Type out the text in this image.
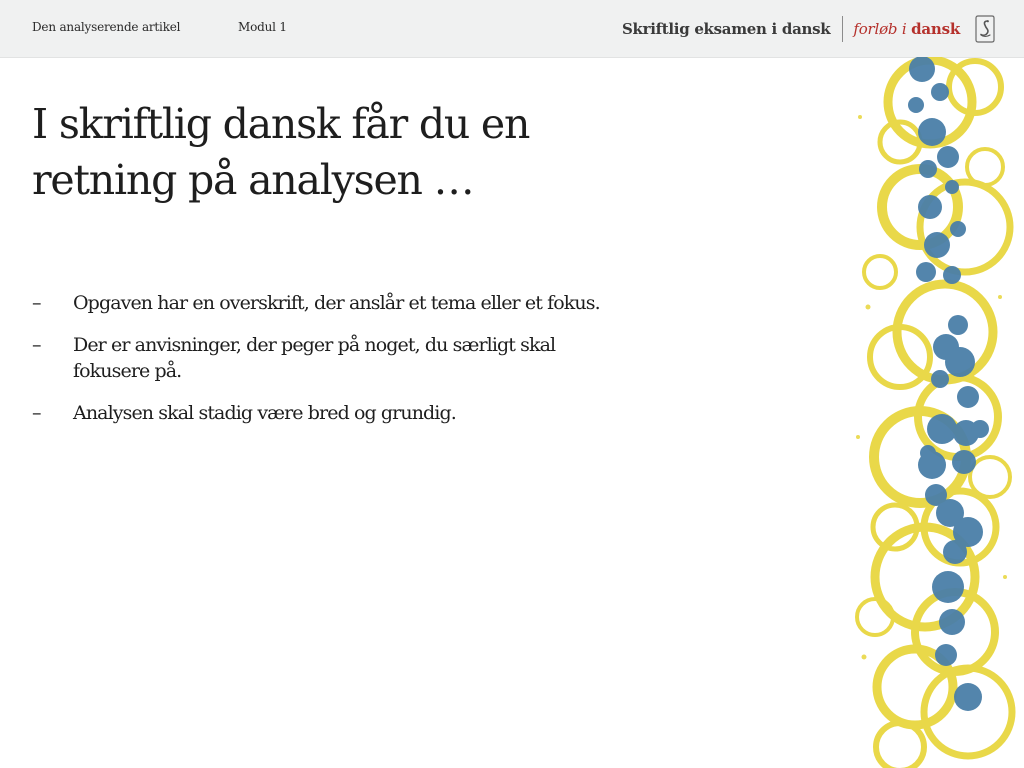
Den analyserende artikel	Modul 1	Skriftlig eksamen i dansk forløb i dansk
I skriftlig dansk får du en retning på analysen …
–	Opgaven har en overskrift, der anslår et tema eller et fokus.
–	Der er anvisninger, der peger på noget, du særligt skal fokusere på.
–	Analysen skal stadig være bred og grundig.
